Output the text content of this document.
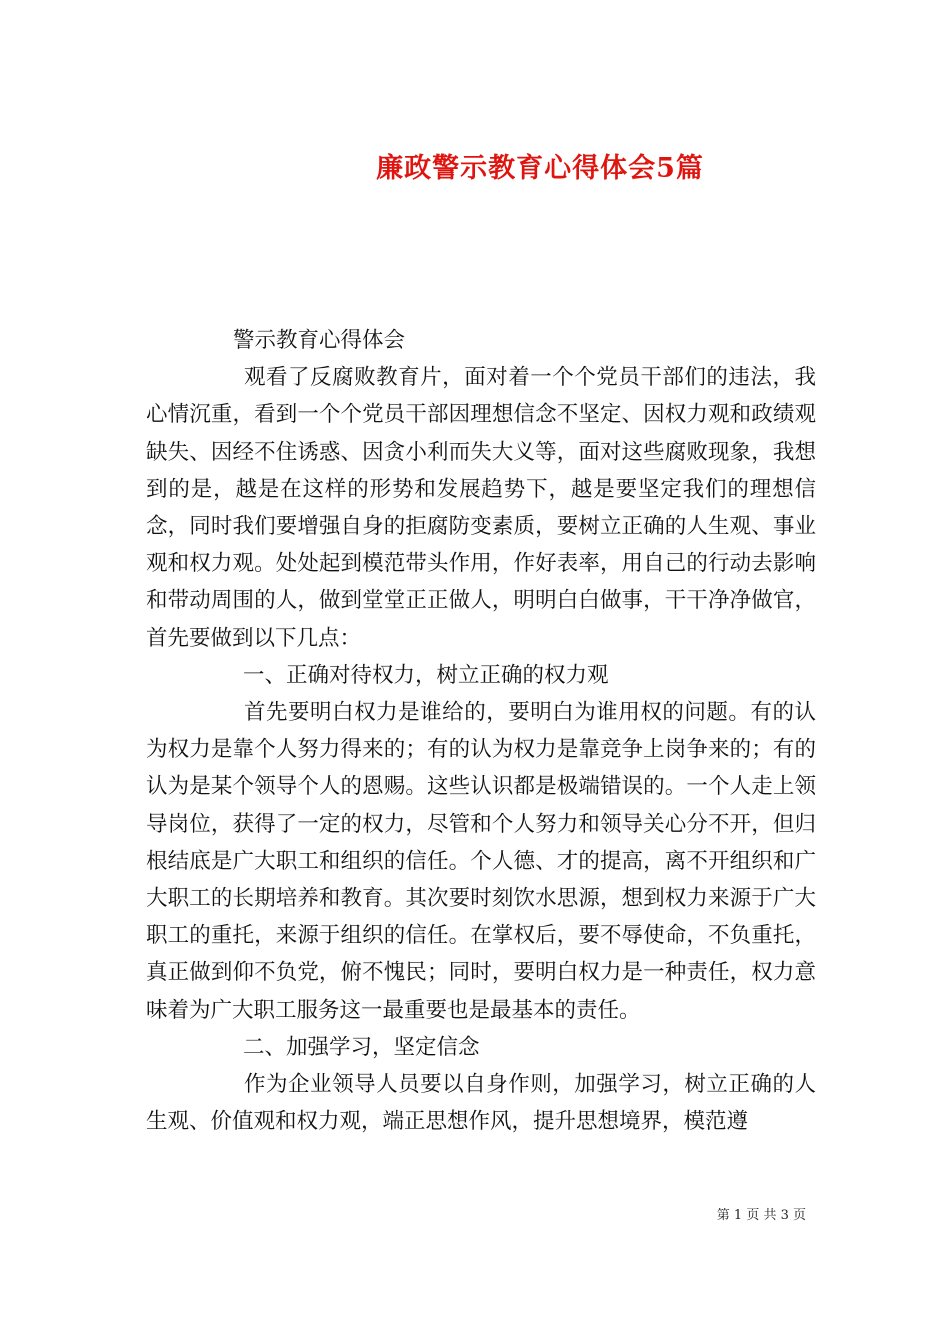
廉政警示教育心得体会5篇

警示教育心得体会

观看了反腐败教育片，面对着一个个党员干部们的违法，我心情沉重，看到一个个党员干部因理想信念不坚定、因权力观和政绩观缺失、因经不住诱惑、因贪小利而失大义等，面对这些腐败现象，我想到的是，越是在这样的形势和发展趋势下，越是要坚定我们的理想信念，同时我们要增强自身的拒腐防变素质，要树立正确的人生观、事业观和权力观。处处起到模范带头作用，作好表率，用自己的行动去影响和带动周围的人，做到堂堂正正做人，明明白白做事，干干净净做官，首先要做到以下几点：

一、正确对待权力，树立正确的权力观

首先要明白权力是谁给的，要明白为谁用权的问题。有的认为权力是靠个人努力得来的；有的认为权力是靠竞争上岗争来的；有的认为是某个领导个人的恩赐。这些认识都是极端错误的。一个人走上领导岗位，获得了一定的权力，尽管和个人努力和领导关心分不开，但归根结底是广大职工和组织的信任。个人德、才的提高，离不开组织和广大职工的长期培养和教育。其次要时刻饮水思源，想到权力来源于广大职工的重托，来源于组织的信任。在掌权后，要不辱使命，不负重托，真正做到仰不负党，俯不愧民；同时，要明白权力是一种责任，权力意味着为广大职工服务这一最重要也是最基本的责任。

二、加强学习，坚定信念

作为企业领导人员要以自身作则，加强学习，树立正确的人生观、价值观和权力观，端正思想作风，提升思想境界，模范遵

第 1 页 共 3 页
